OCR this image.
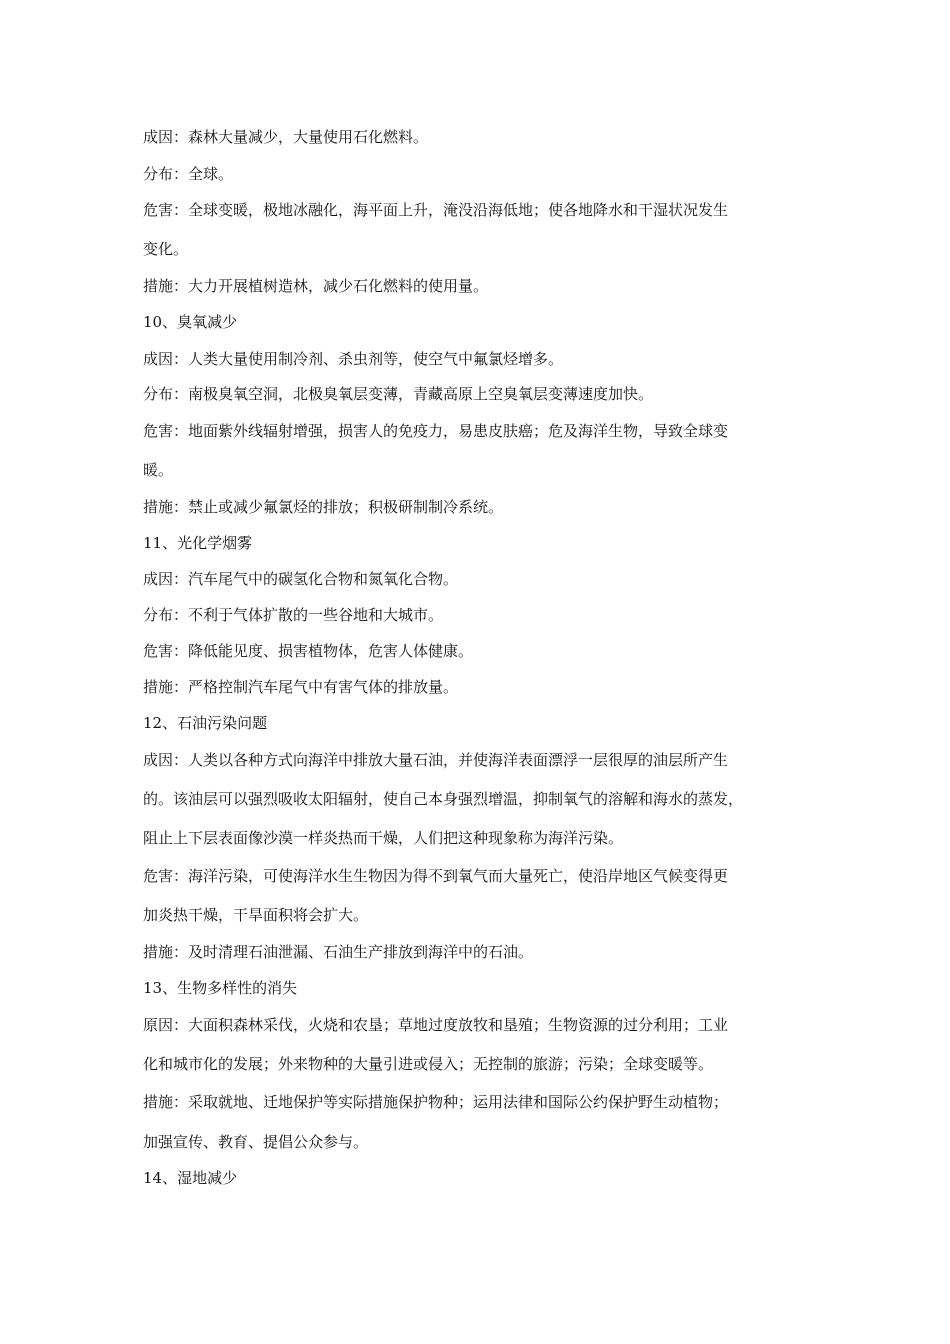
成因：森林大量减少，大量使用石化燃料。
分布：全球。
危害：全球变暖，极地冰融化，海平面上升，淹没沿海低地；使各地降水和干湿状况发生
变化。
措施：大力开展植树造林，减少石化燃料的使用量。
10、臭氧减少
成因：人类大量使用制冷剂、杀虫剂等，使空气中氟氯烃增多。
分布：南极臭氧空洞，北极臭氧层变薄，青藏高原上空臭氧层变薄速度加快。
危害：地面紫外线辐射增强，损害人的免疫力，易患皮肤癌；危及海洋生物，导致全球变
暖。
措施：禁止或减少氟氯烃的排放；积极研制制冷系统。
11、光化学烟雾
成因：汽车尾气中的碳氢化合物和氮氧化合物。
分布：不利于气体扩散的一些谷地和大城市。
危害：降低能见度、损害植物体，危害人体健康。
措施：严格控制汽车尾气中有害气体的排放量。
12、石油污染问题
成因：人类以各种方式向海洋中排放大量石油，并使海洋表面漂浮一层很厚的油层所产生
的。该油层可以强烈吸收太阳辐射，使自己本身强烈增温，抑制氧气的溶解和海水的蒸发，
阻止上下层表面像沙漠一样炎热而干燥，人们把这种现象称为海洋污染。
危害：海洋污染，可使海洋水生生物因为得不到氧气而大量死亡，使沿岸地区气候变得更
加炎热干燥，干旱面积将会扩大。
措施：及时清理石油泄漏、石油生产排放到海洋中的石油。
13、生物多样性的消失
原因：大面积森林采伐，火烧和农垦；草地过度放牧和垦殖；生物资源的过分利用；工业
化和城市化的发展；外来物种的大量引进或侵入；无控制的旅游；污染；全球变暖等。
措施：采取就地、迁地保护等实际措施保护物种；运用法律和国际公约保护野生动植物；
加强宣传、教育、提倡公众参与。
14、湿地减少
